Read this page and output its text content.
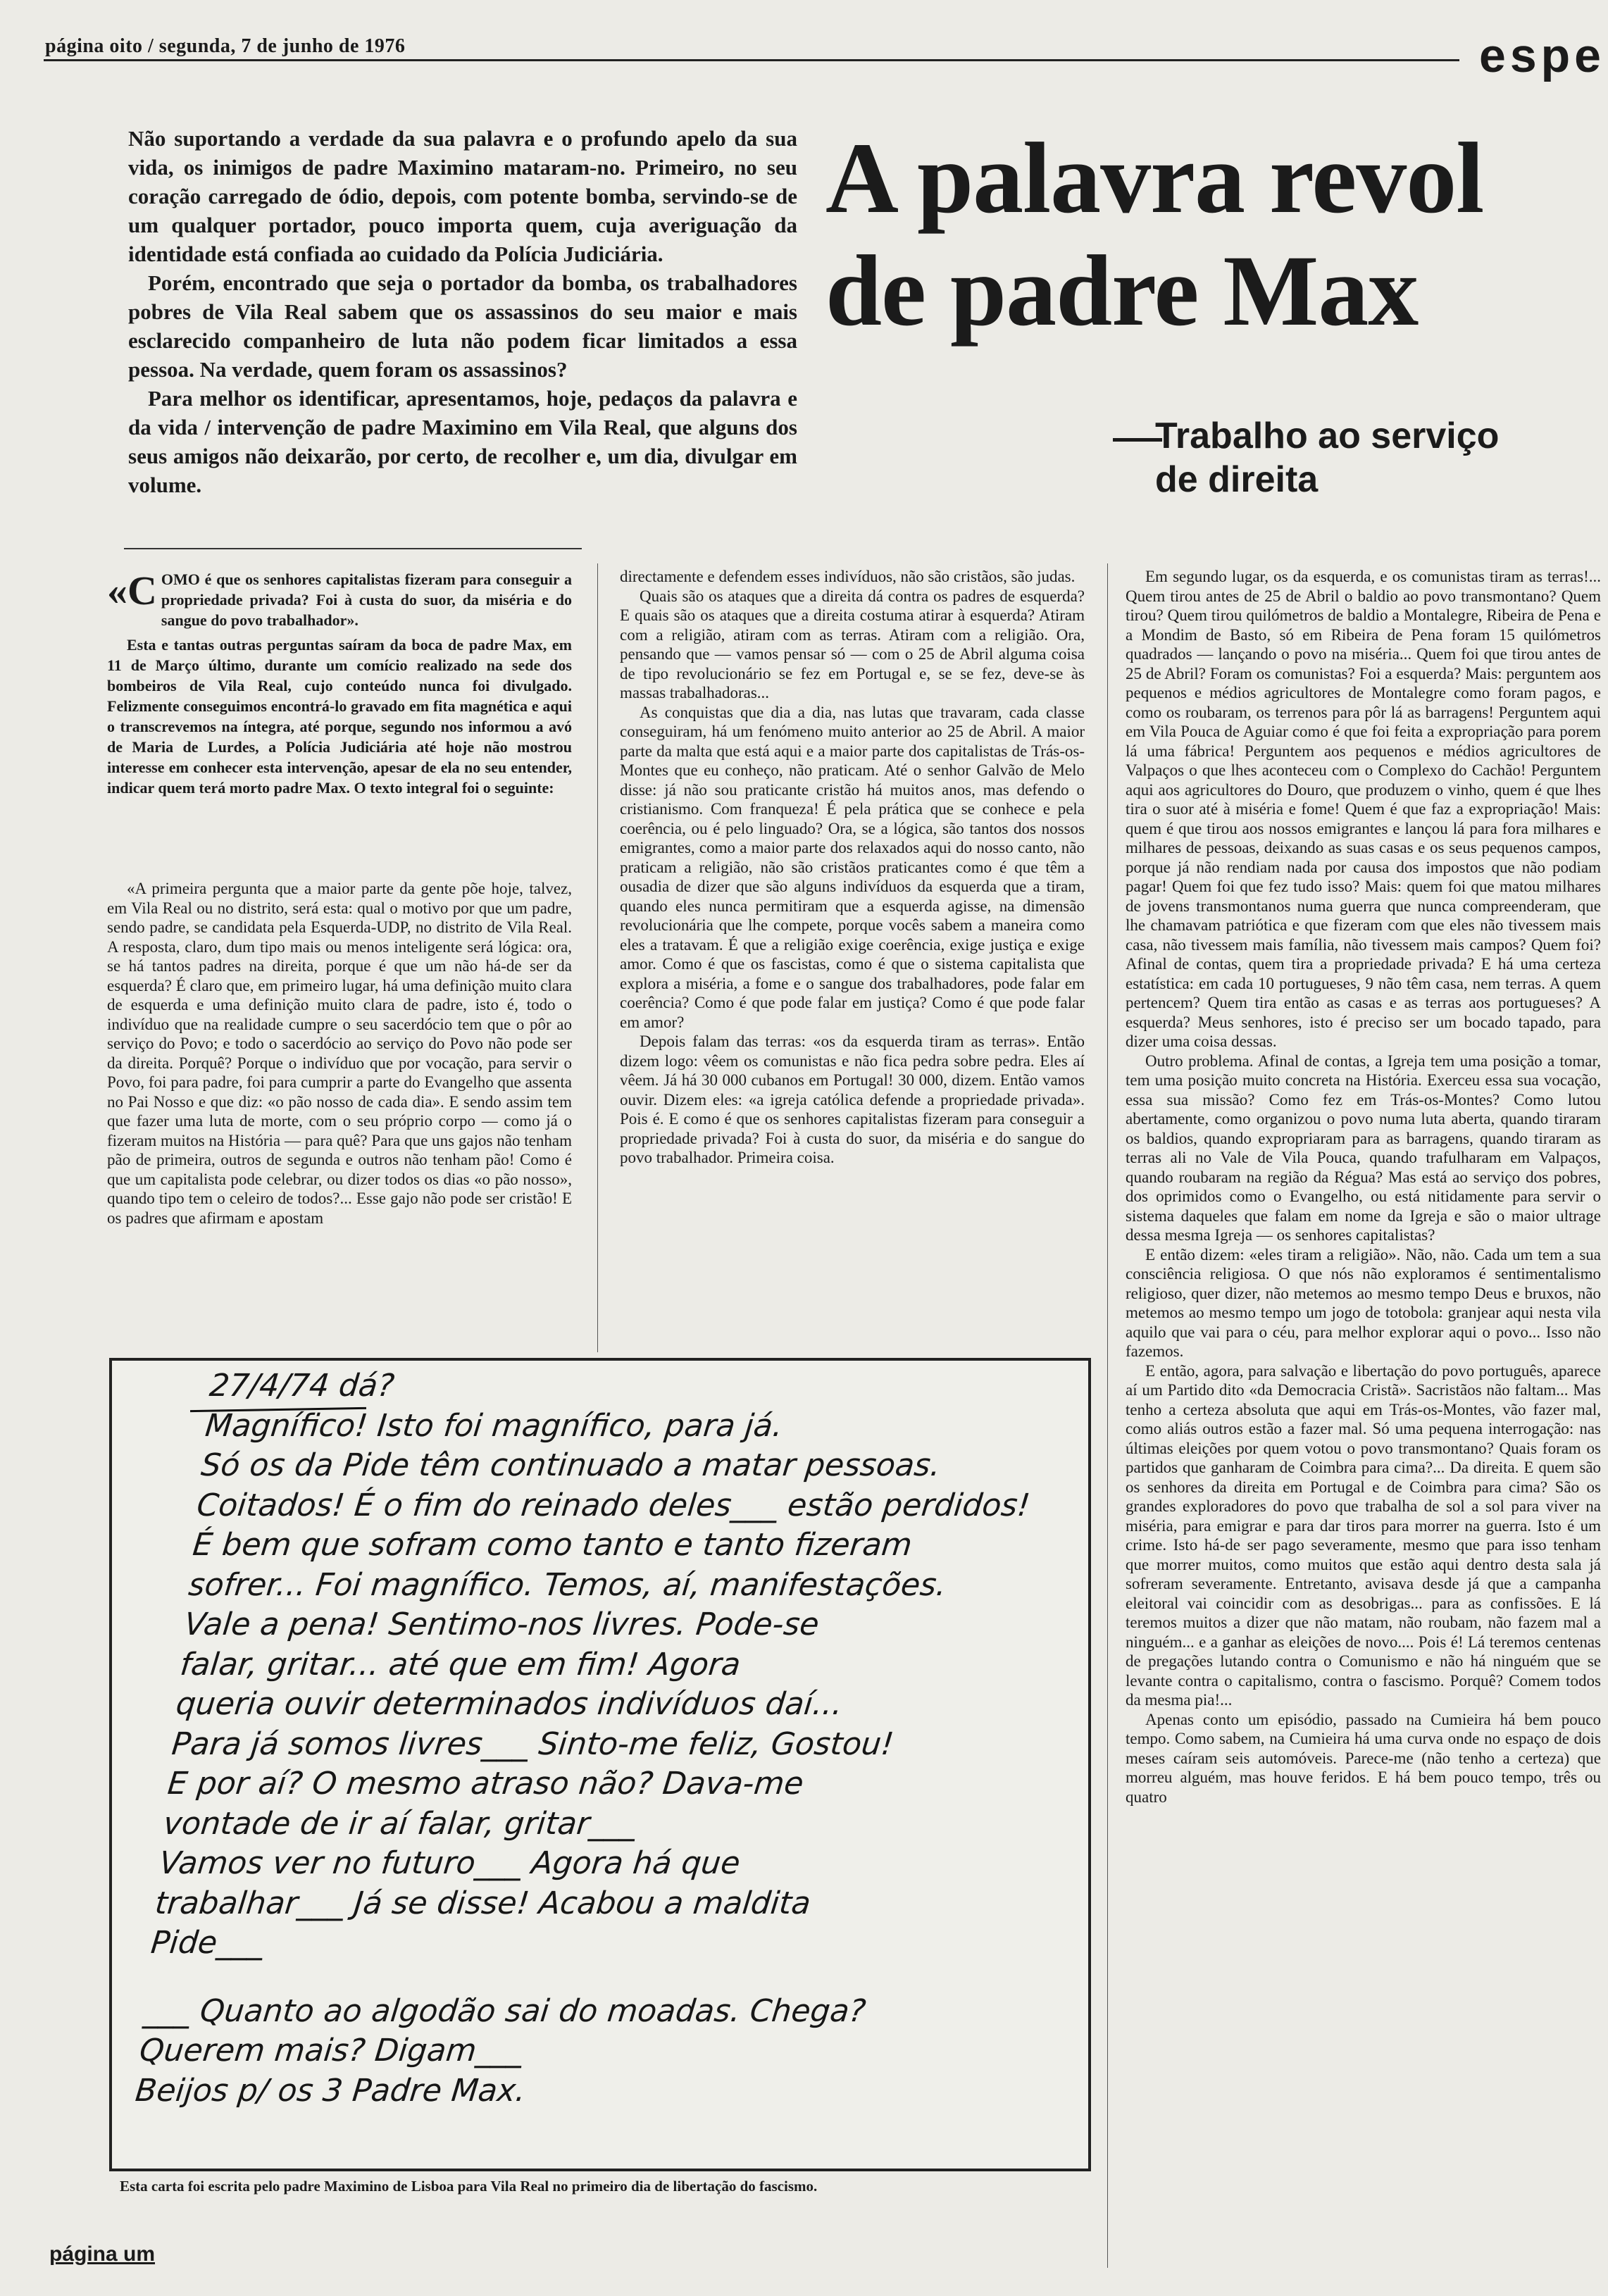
página oito / segunda, 7 de junho de 1976	espe

Não suportando a verdade da sua palavra e o profundo apelo da sua vida, os inimigos de padre Maximino mataram-no. Primeiro, no seu coração carregado de ódio, depois, com potente bomba, servindo-se de um qualquer portador, pouco importa quem, cuja averiguação da identidade está confiada ao cuidado da Polícia Judiciária.

Porém, encontrado que seja o portador da bomba, os trabalhadores pobres de Vila Real sabem que os assassinos do seu maior e mais esclarecido companheiro de luta não podem ficar limitados a essa pessoa. Na verdade, quem foram os assassinos?

Para melhor os identificar, apresentamos, hoje, pedaços da palavra e da vida / intervenção de padre Maximino em Vila Real, que alguns dos seus amigos não deixarão, por certo, de recolher e, um dia, divulgar em volume.

A palavra revol
de padre Max
Trabalho ao serviço
de direita
«C OMO é que os senhores capitalistas fizeram para conseguir a propriedade privada? Foi à custa do suor, da miséria e do sangue do povo trabalhador».

Esta e tantas outras perguntas saíram da boca de padre Max, em 11 de Março último, durante um comício realizado na sede dos bombeiros de Vila Real, cujo conteúdo nunca foi divulgado. Felizmente conseguimos encontrá-lo gravado em fita magnética e aqui o transcrevemos na íntegra, até porque, segundo nos informou a avó de Maria de Lurdes, a Polícia Judiciária até hoje não mostrou interesse em conhecer esta intervenção, apesar de ela no seu entender, indicar quem terá morto padre Max. O texto integral foi o seguinte:

«A primeira pergunta que a maior parte da gente põe hoje, talvez, em Vila Real ou no distrito, será esta: qual o motivo por que um padre, sendo padre, se candidata pela Esquerda-UDP, no distrito de Vila Real. A resposta, claro, dum tipo mais ou menos inteligente será lógica: ora, se há tantos padres na direita, porque é que um não há-de ser da esquerda? É claro que, em primeiro lugar, há uma definição muito clara de esquerda e uma definição muito clara de padre, isto é, todo o indivíduo que na realidade cumpre o seu sacerdócio tem que o pôr ao serviço do Povo; e todo o sacerdócio ao serviço do Povo não pode ser da direita. Porquê? Porque o indivíduo que por vocação, para servir o Povo, foi para padre, foi para cumprir a parte do Evangelho que assenta no Pai Nosso e que diz: «o pão nosso de cada dia». E sendo assim tem que fazer uma luta de morte, com o seu próprio corpo — como já o fizeram muitos na História — para quê? Para que uns gajos não tenham pão de primeira, outros de segunda e outros não tenham pão! Como é que um capitalista pode celebrar, ou dizer todos os dias «o pão nosso», quando tipo tem o celeiro de todos?... Esse gajo não pode ser cristão! E os padres que afirmam e apostam

directamente e defendem esses indivíduos, não são cristãos, são judas.

Quais são os ataques que a direita dá contra os padres de esquerda? E quais são os ataques que a direita costuma atirar à esquerda? Atiram com a religião, atiram com as terras. Atiram com a religião. Ora, pensando que — vamos pensar só — com o 25 de Abril alguma coisa de tipo revolucionário se fez em Portugal e, se se fez, deve-se às massas trabalhadoras...

As conquistas que dia a dia, nas lutas que travaram, cada classe conseguiram, há um fenómeno muito anterior ao 25 de Abril. A maior parte da malta que está aqui e a maior parte dos capitalistas de Trás-os-Montes que eu conheço, não praticam. Até o senhor Galvão de Melo disse: já não sou praticante cristão há muitos anos, mas defendo o cristianismo. Com franqueza! É pela prática que se conhece e pela coerência, ou é pelo linguado? Ora, se a lógica, são tantos dos nossos emigrantes, como a maior parte dos relaxados aqui do nosso canto, não praticam a religião, não são cristãos praticantes como é que têm a ousadia de dizer que são alguns indivíduos da esquerda que a tiram, quando eles nunca permitiram que a esquerda agisse, na dimensão revolucionária que lhe compete, porque vocês sabem a maneira como eles a tratavam. É que a religião exige coerência, exige justiça e exige amor. Como é que os fascistas, como é que o sistema capitalista que explora a miséria, a fome e o sangue dos trabalhadores, pode falar em coerência? Como é que pode falar em justiça? Como é que pode falar em amor?

Depois falam das terras: «os da esquerda tiram as terras». Então dizem logo: vêem os comunistas e não fica pedra sobre pedra. Eles aí vêem. Já há 30 000 cubanos em Portugal! 30 000, dizem. Então vamos ouvir. Dizem eles: «a igreja católica defende a propriedade privada». Pois é. E como é que os senhores capitalistas fizeram para conseguir a propriedade privada? Foi à custa do suor, da miséria e do sangue do povo trabalhador. Primeira coisa.

Em segundo lugar, os da esquerda, e os comunistas tiram as terras!... Quem tirou antes de 25 de Abril o baldio ao povo transmontano? Quem tirou? Quem tirou quilómetros de baldio a Montalegre, Ribeira de Pena e a Mondim de Basto, só em Ribeira de Pena foram 15 quilómetros quadrados — lançando o povo na miséria... Quem foi que tirou antes de 25 de Abril? Foram os comunistas? Foi a esquerda? Mais: perguntem aos pequenos e médios agricultores de Montalegre como foram pagos, e como os roubaram, os terrenos para pôr lá as barragens! Perguntem aqui em Vila Pouca de Aguiar como é que foi feita a expropriação para porem lá uma fábrica! Perguntem aos pequenos e médios agricultores de Valpaços o que lhes aconteceu com o Complexo do Cachão! Perguntem aqui aos agricultores do Douro, que produzem o vinho, quem é que lhes tira o suor até à miséria e fome! Quem é que faz a expropriação! Mais: quem é que tirou aos nossos emigrantes e lançou lá para fora milhares e milhares de pessoas, deixando as suas casas e os seus pequenos campos, porque já não rendiam nada por causa dos impostos que não podiam pagar! Quem foi que fez tudo isso? Mais: quem foi que matou milhares de jovens transmontanos numa guerra que nunca compreenderam, que lhe chamavam patriótica e que fizeram com que eles não tivessem mais casa, não tivessem mais família, não tivessem mais campos? Quem foi? Afinal de contas, quem tira a propriedade privada? E há uma certeza estatística: em cada 10 portugueses, 9 não têm casa, nem terras. A quem pertencem? Quem tira então as casas e as terras aos portugueses? A esquerda? Meus senhores, isto é preciso ser um bocado tapado, para dizer uma coisa dessas.

Outro problema. Afinal de contas, a Igreja tem uma posição a tomar, tem uma posição muito concreta na História. Exerceu essa sua vocação, essa sua missão? Como fez em Trás-os-Montes? Como lutou abertamente, como organizou o povo numa luta aberta, quando tiraram os baldios, quando expropriaram para as barragens, quando tiraram as terras ali no Vale de Vila Pouca, quando trafulharam em Valpaços, quando roubaram na região da Régua? Mas está ao serviço dos pobres, dos oprimidos como o Evangelho, ou está nitidamente para servir o sistema daqueles que falam em nome da Igreja e são o maior ultrage dessa mesma Igreja — os senhores capitalistas?

E então dizem: «eles tiram a religião». Não, não. Cada um tem a sua consciência religiosa. O que nós não exploramos é sentimentalismo religioso, quer dizer, não metemos ao mesmo tempo Deus e bruxos, não metemos ao mesmo tempo um jogo de totobola: granjear aqui nesta vila aquilo que vai para o céu, para melhor explorar aqui o povo... Isso não fazemos.

E então, agora, para salvação e libertação do povo português, aparece aí um Partido dito «da Democracia Cristã». Sacristãos não faltam... Mas tenho a certeza absoluta que aqui em Trás-os-Montes, vão fazer mal, como aliás outros estão a fazer mal. Só uma pequena interrogação: nas últimas eleições por quem votou o povo transmontano? Quais foram os partidos que ganharam de Coimbra para cima?... Da direita. E quem são os senhores da direita em Portugal e de Coimbra para cima? São os grandes exploradores do povo que trabalha de sol a sol para viver na miséria, para emigrar e para dar tiros para morrer na guerra. Isto é um crime. Isto há-de ser pago severamente, mesmo que para isso tenham que morrer muitos, como muitos que estão aqui dentro desta sala já sofreram severamente. Entretanto, avisava desde já que a campanha eleitoral vai coincidir com as desobrigas... para as confissões. E lá teremos muitos a dizer que não matam, não roubam, não fazem mal a ninguém... e a ganhar as eleições de novo.... Pois é! Lá teremos centenas de pregações lutando contra o Comunismo e não há ninguém que se levante contra o capitalismo, contra o fascismo. Porquê? Comem todos da mesma pia!...

Apenas conto um episódio, passado na Cumieira há bem pouco tempo. Como sabem, na Cumieira há uma curva onde no espaço de dois meses caíram seis automóveis. Parece-me (não tenho a certeza) que morreu alguém, mas houve feridos. E há bem pouco tempo, três ou quatro

27/4/74 dá?
Magnífico! Isto foi magnífico, para já.
Só os da Pide têm continuado a matar pessoas.
Coitados! É o fim do reinado deles___ estão perdidos!
É bem que sofram como tanto e tanto fizeram
sofrer... Foi magnífico. Temos, aí, manifestações.
Vale a pena! Sentimo-nos livres. Pode-se
falar, gritar... até que em fim! Agora
queria ouvir determinados indivíduos daí...
Para já somos livres___ Sinto-me feliz, Gostou!
E por aí? O mesmo atraso não? Dava-me
vontade de ir aí falar, gritar___
Vamos ver no futuro___ Agora há que
trabalhar___ Já se disse! Acabou a maldita
Pide___
___ Quanto ao algodão sai do moadas. Chega?
Querem mais? Digam___
Beijos p/ os 3 Padre Max.
Esta carta foi escrita pelo padre Maximino de Lisboa para Vila Real no primeiro dia de libertação do fascismo.
página um
